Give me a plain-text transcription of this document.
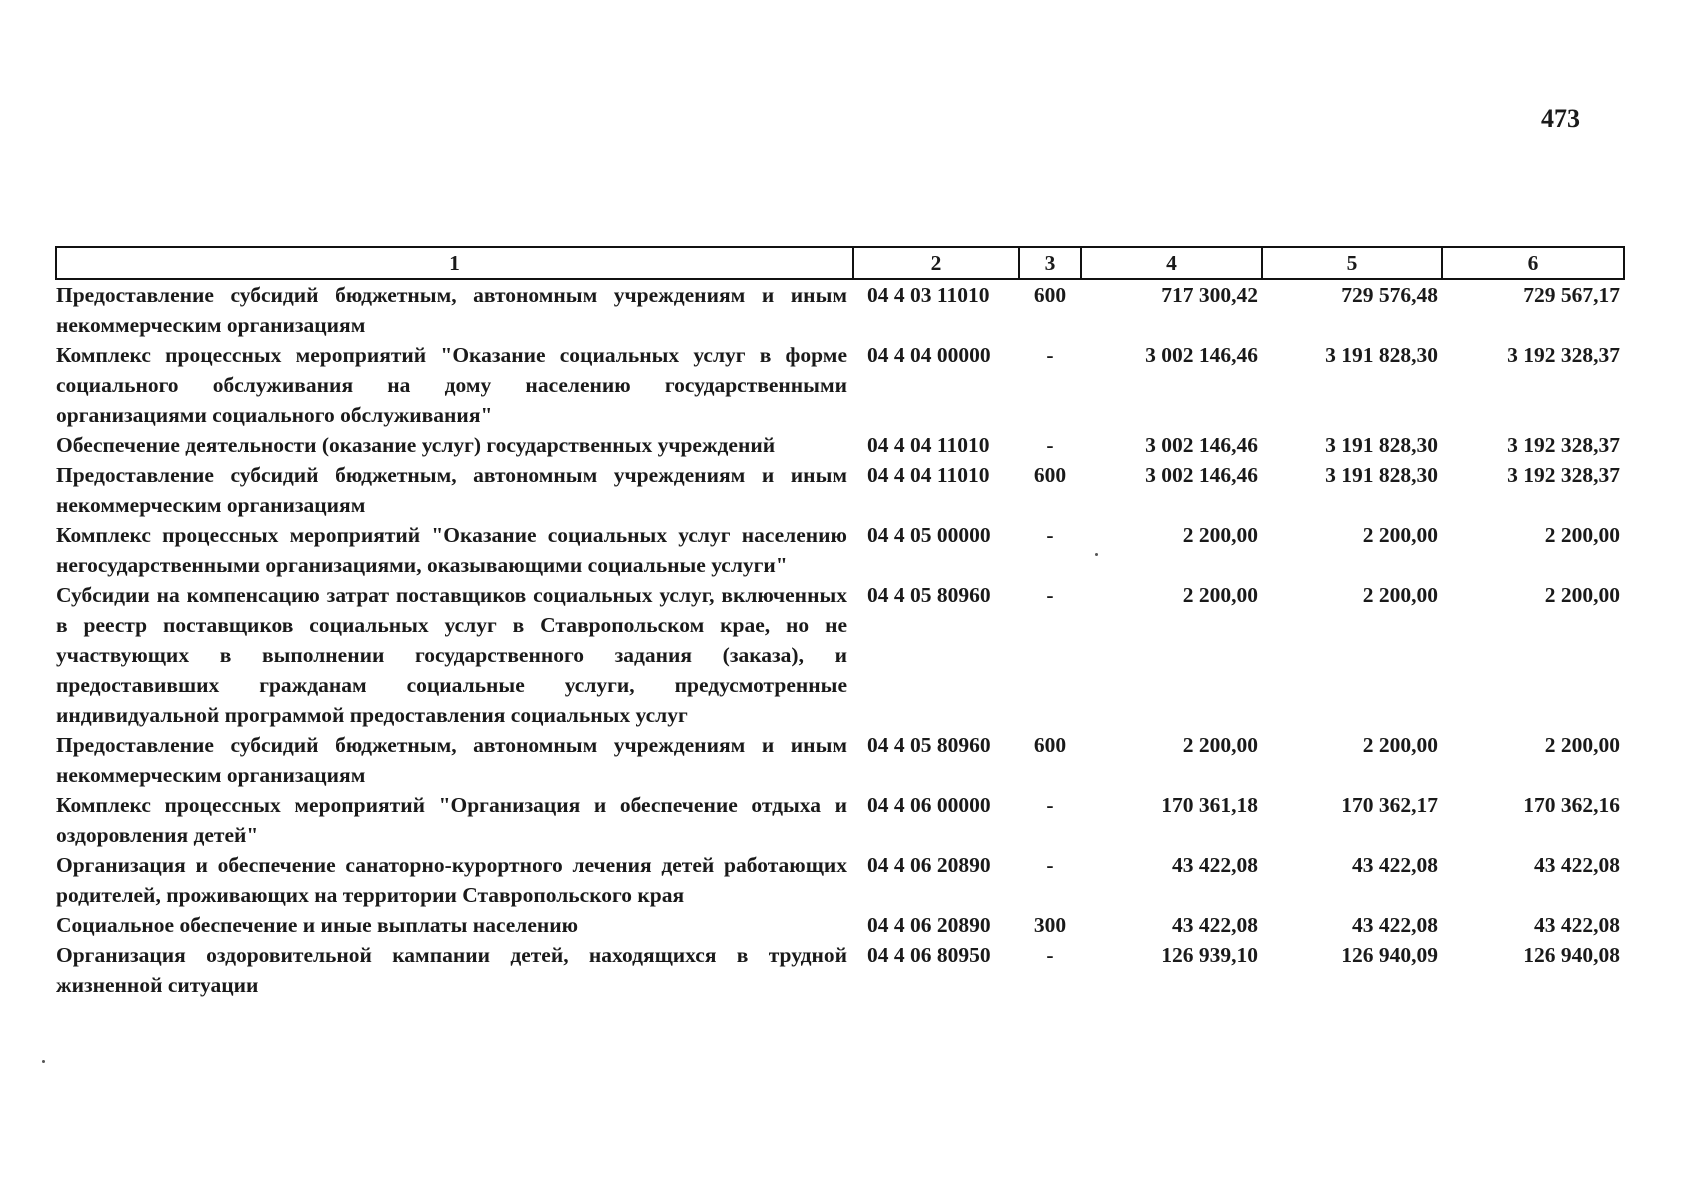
473
1	2	3	4	5	6
Предоставление субсидий бюджетным, автономным учреждениям и иным некоммерческим организациям	04 4 03 11010	600	717 300,42	729 576,48	729 567,17
Комплекс процессных мероприятий "Оказание социальных услуг в форме социального обслуживания на дому населению государственными организациями социального обслуживания"	04 4 04 00000	-	3 002 146,46	3 191 828,30	3 192 328,37
Обеспечение деятельности (оказание услуг) государственных учреждений	04 4 04 11010	-	3 002 146,46	3 191 828,30	3 192 328,37
Предоставление субсидий бюджетным, автономным учреждениям и иным некоммерческим организациям	04 4 04 11010	600	3 002 146,46	3 191 828,30	3 192 328,37
Комплекс процессных мероприятий "Оказание социальных услуг населению негосударственными организациями, оказывающими социальные услуги"	04 4 05 00000	-	2 200,00	2 200,00	2 200,00
Субсидии на компенсацию затрат поставщиков социальных услуг, включенных в реестр поставщиков социальных услуг в Ставропольском крае, но не участвующих в выполнении государственного задания (заказа), и предоставивших гражданам социальные услуги, предусмотренные индивидуальной программой предоставления социальных услуг	04 4 05 80960	-	2 200,00	2 200,00	2 200,00
Предоставление субсидий бюджетным, автономным учреждениям и иным некоммерческим организациям	04 4 05 80960	600	2 200,00	2 200,00	2 200,00
Комплекс процессных мероприятий "Организация и обеспечение отдыха и оздоровления детей"	04 4 06 00000	-	170 361,18	170 362,17	170 362,16
Организация и обеспечение санаторно-курортного лечения детей работающих родителей, проживающих на территории Ставропольского края	04 4 06 20890	-	43 422,08	43 422,08	43 422,08
Социальное обеспечение и иные выплаты населению	04 4 06 20890	300	43 422,08	43 422,08	43 422,08
Организация оздоровительной кампании детей, находящихся в трудной жизненной ситуации	04 4 06 80950	-	126 939,10	126 940,09	126 940,08
